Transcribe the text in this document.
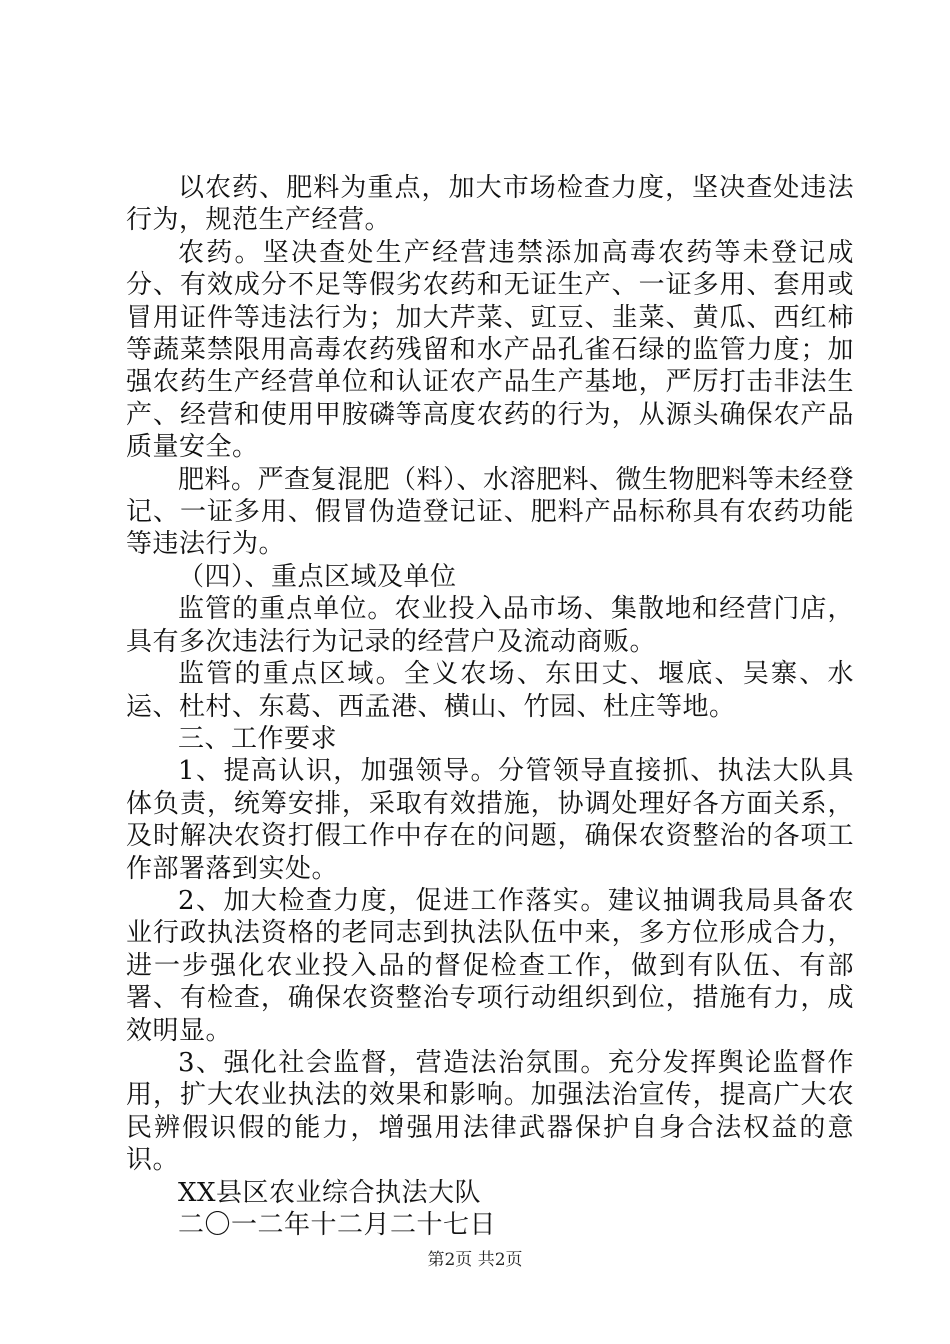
以农药、肥料为重点，加大市场检查力度，坚决查处违法行为，规范生产经营。

农药。坚决查处生产经营违禁添加高毒农药等未登记成分、有效成分不足等假劣农药和无证生产、一证多用、套用或冒用证件等违法行为；加大芹菜、豇豆、韭菜、黄瓜、西红柿等蔬菜禁限用高毒农药残留和水产品孔雀石绿的监管力度；加强农药生产经营单位和认证农产品生产基地，严厉打击非法生产、经营和使用甲胺磷等高度农药的行为，从源头确保农产品质量安全。

肥料。严查复混肥（料）、水溶肥料、微生物肥料等未经登记、一证多用、假冒伪造登记证、肥料产品标称具有农药功能等违法行为。

（四）、重点区域及单位

监管的重点单位。农业投入品市场、集散地和经营门店，具有多次违法行为记录的经营户及流动商贩。

监管的重点区域。全义农场、东田丈、堰底、吴寨、水运、杜村、东葛、西孟港、横山、竹园、杜庄等地。

三、工作要求

1、提高认识，加强领导。分管领导直接抓、执法大队具体负责，统筹安排，采取有效措施，协调处理好各方面关系，及时解决农资打假工作中存在的问题，确保农资整治的各项工作部署落到实处。

2、加大检查力度，促进工作落实。建议抽调我局具备农业行政执法资格的老同志到执法队伍中来，多方位形成合力，进一步强化农业投入品的督促检查工作，做到有队伍、有部署、有检查，确保农资整治专项行动组织到位，措施有力，成效明显。

3、强化社会监督，营造法治氛围。充分发挥舆论监督作用，扩大农业执法的效果和影响。加强法治宣传，提高广大农民辨假识假的能力，增强用法律武器保护自身合法权益的意识。

XX县区农业综合执法大队

二〇一二年十二月二十七日

第2页 共2页
